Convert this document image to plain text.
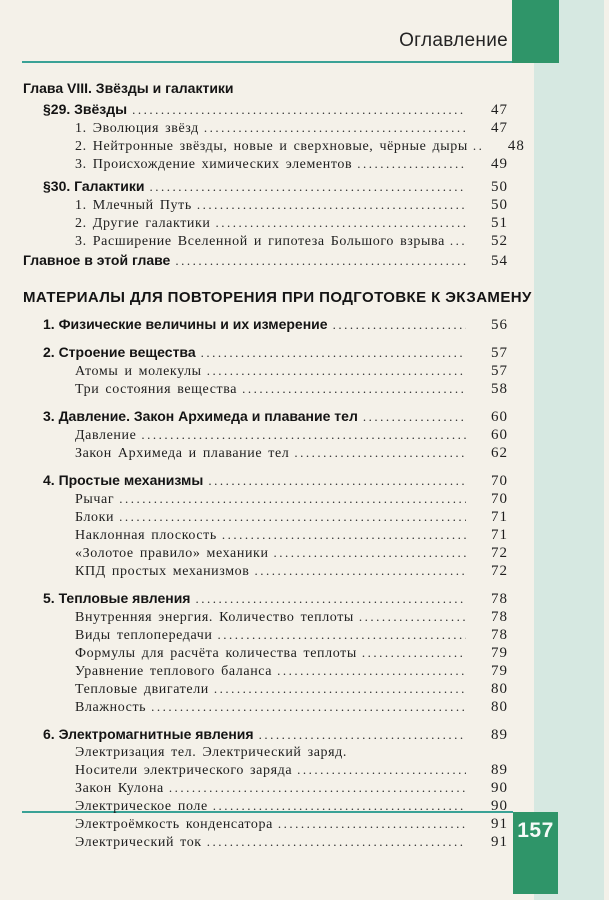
Оглавление
Глава VIII. Звёзды и галактики
§29. Звёзды .....	47
1. Эволюция звёзд .....	47
2. Нейтронные звёзды, новые и сверхновые, чёрные дыры .....	48
3. Происхождение химических элементов .....	49
§30. Галактики .....	50
1. Млечный Путь .....	50
2. Другие галактики .....	51
3. Расширение Вселенной и гипотеза Большого взрыва .....	52
Главное в этой главе .....	54
МАТЕРИАЛЫ ДЛЯ ПОВТОРЕНИЯ ПРИ ПОДГОТОВКЕ К ЭКЗАМЕНУ
1. Физические величины и их измерение .....	56
2. Строение вещества .....	57
Атомы и молекулы .....	57
Три состояния вещества .....	58
3. Давление. Закон Архимеда и плавание тел .....	60
Давление .....	60
Закон Архимеда и плавание тел .....	62
4. Простые механизмы .....	70
Рычаг .....	70
Блоки .....	71
Наклонная плоскость .....	71
«Золотое правило» механики .....	72
КПД простых механизмов .....	72
5. Тепловые явления .....	78
Внутренняя энергия. Количество теплоты .....	78
Виды теплопередачи .....	78
Формулы для расчёта количества теплоты .....	79
Уравнение теплового баланса .....	79
Тепловые двигатели .....	80
Влажность .....	80
6. Электромагнитные явления .....	89
Электризация тел. Электрический заряд.
Носители электрического заряда .....	89
Закон Кулона .....	90
Электрическое поле .....	90
Электроёмкость конденсатора .....	91
Электрический ток .....	91 157
